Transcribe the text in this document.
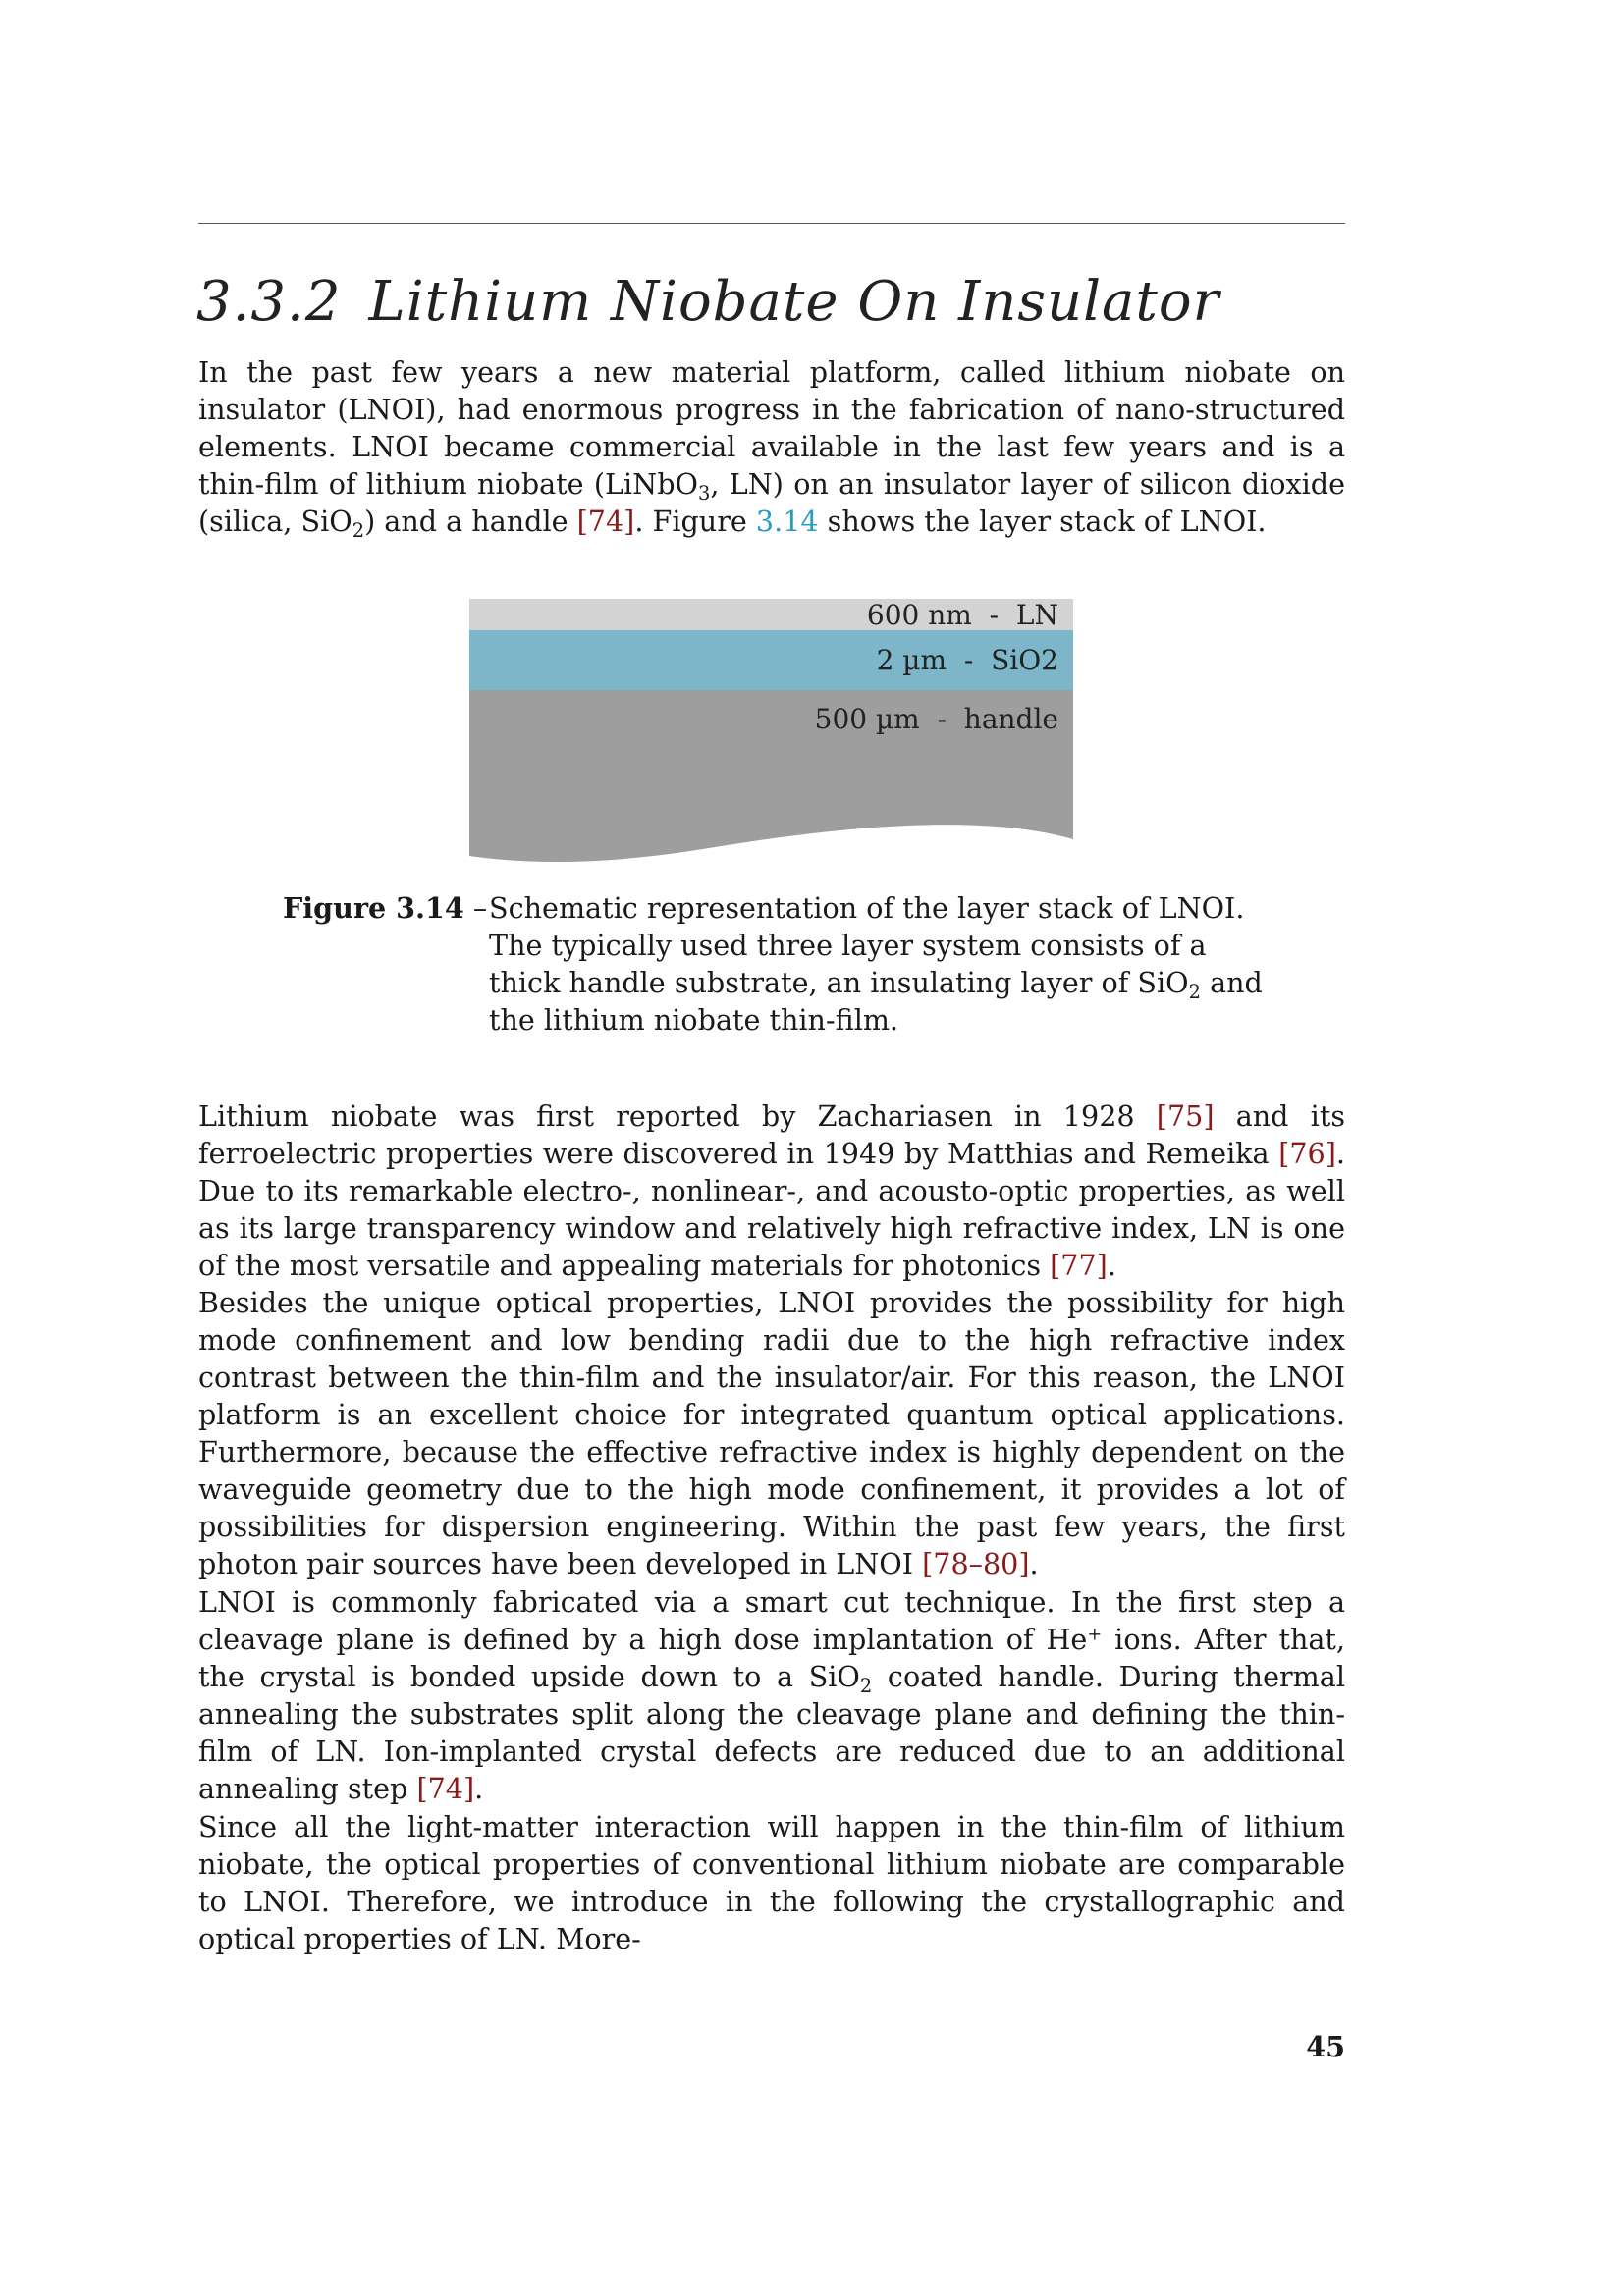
3.3.2 Lithium Niobate On Insulator

In the past few years a new material platform, called lithium niobate on insulator (LNOI), had enormous progress in the fabrication of nano-structured elements. LNOI became commercial available in the last few years and is a thin-film of lithium niobate (LiNbO$_3$, LN) on an insulator layer of silicon dioxide (silica, SiO$_2$) and a handle [74]. Figure 3.14 shows the layer stack of LNOI.

600 nm  -  LN
2 µm  -  SiO2
500 µm  -  handle
Figure 3.14 – Schematic representation of the layer stack of LNOI. The typically used three layer system consists of a thick handle substrate, an insulating layer of SiO$_2$ and the lithium niobate thin-film.

Lithium niobate was first reported by Zachariasen in 1928 [75] and its ferroelectric properties were discovered in 1949 by Matthias and Remeika [76]. Due to its remarkable electro-, nonlinear-, and acousto-optic properties, as well as its large transparency window and relatively high refractive index, LN is one of the most versatile and appealing materials for photonics [77].

Besides the unique optical properties, LNOI provides the possibility for high mode confinement and low bending radii due to the high refractive index contrast between the thin-film and the insulator/air. For this reason, the LNOI platform is an excellent choice for integrated quantum optical applications. Furthermore, because the effective refractive index is highly dependent on the waveguide geometry due to the high mode confinement, it provides a lot of possibilities for dispersion engineering. Within the past few years, the first photon pair sources have been developed in LNOI [78–80].

LNOI is commonly fabricated via a smart cut technique. In the first step a cleavage plane is defined by a high dose implantation of He+ ions. After that, the crystal is bonded upside down to a SiO$_2$ coated handle. During thermal annealing the substrates split along the cleavage plane and defining the thin-film of LN. Ion-implanted crystal defects are reduced due to an additional annealing step [74].

Since all the light-matter interaction will happen in the thin-film of lithium niobate, the optical properties of conventional lithium niobate are comparable to LNOI. Therefore, we introduce in the following the crystallographic and optical properties of LN. More-

45
